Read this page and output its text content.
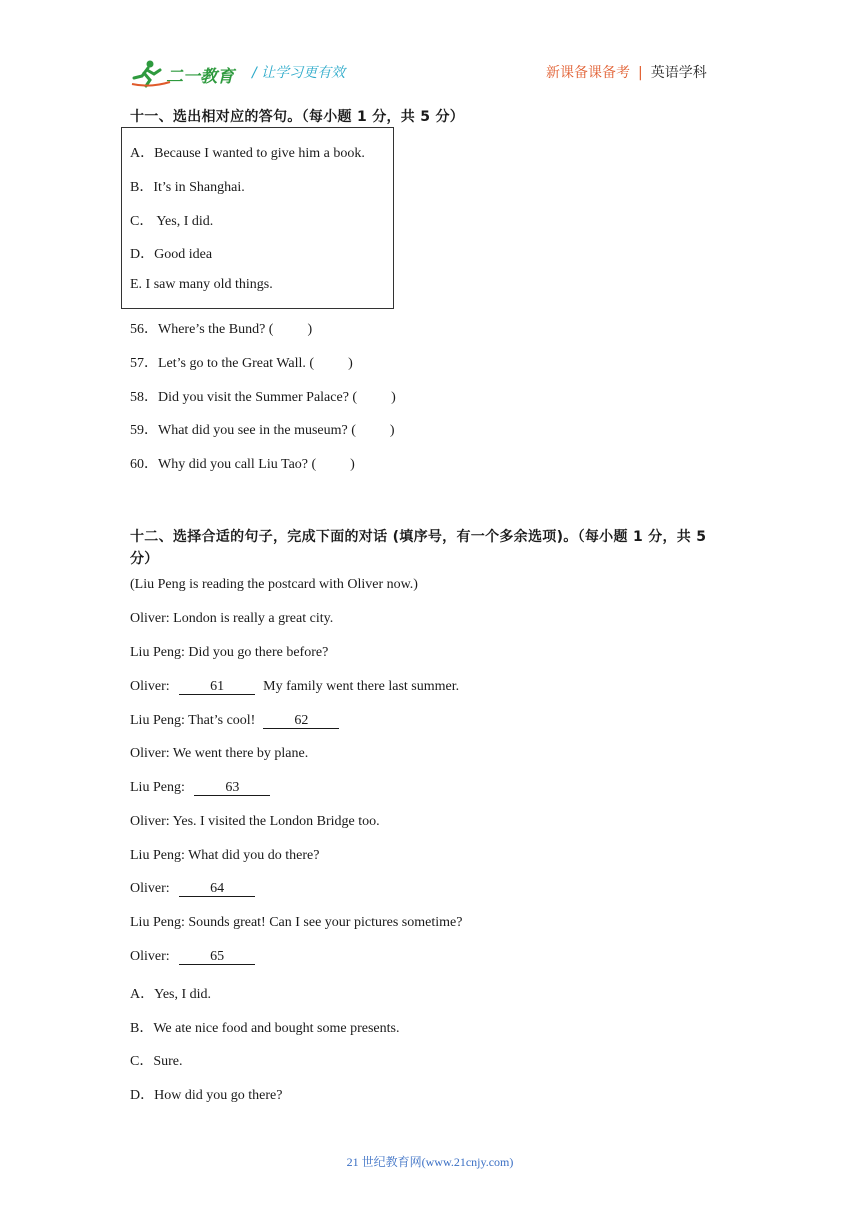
二一教育 / 让学习更有效	新课备课备考 | 英语学科
十一、选出相对应的答句。（每小题 1 分，共 5 分）
A．Because I wanted to give him a book.
B．It’s in Shanghai.
C． Yes, I did.
D．Good idea
E. I saw many old things.
56．Where’s the Bund? ( )
57．Let’s go to the Great Wall. ( )
58．Did you visit the Summer Palace? ( )
59．What did you see in the museum? ( )
60．Why did you call Liu Tao? ( )
十二、选择合适的句子，完成下面的对话 (填序号，有一个多余选项)。（每小题 1 分，共 5
分）
(Liu Peng is reading the postcard with Oliver now.)
Oliver: London is really a great city.
Liu Peng: Did you go there before?
Oliver:	61	My family went there last summer.
Liu Peng: That’s cool!	62
Oliver: We went there by plane.
Liu Peng:	63
Oliver: Yes. I visited the London Bridge too.
Liu Peng: What did you do there?
Oliver:	64
Liu Peng: Sounds great! Can I see your pictures sometime?
Oliver:	65
A．Yes, I did.
B．We ate nice food and bought some presents.
C．Sure.
D．How did you go there?
21 世纪教育网(www.21cnjy.com)
